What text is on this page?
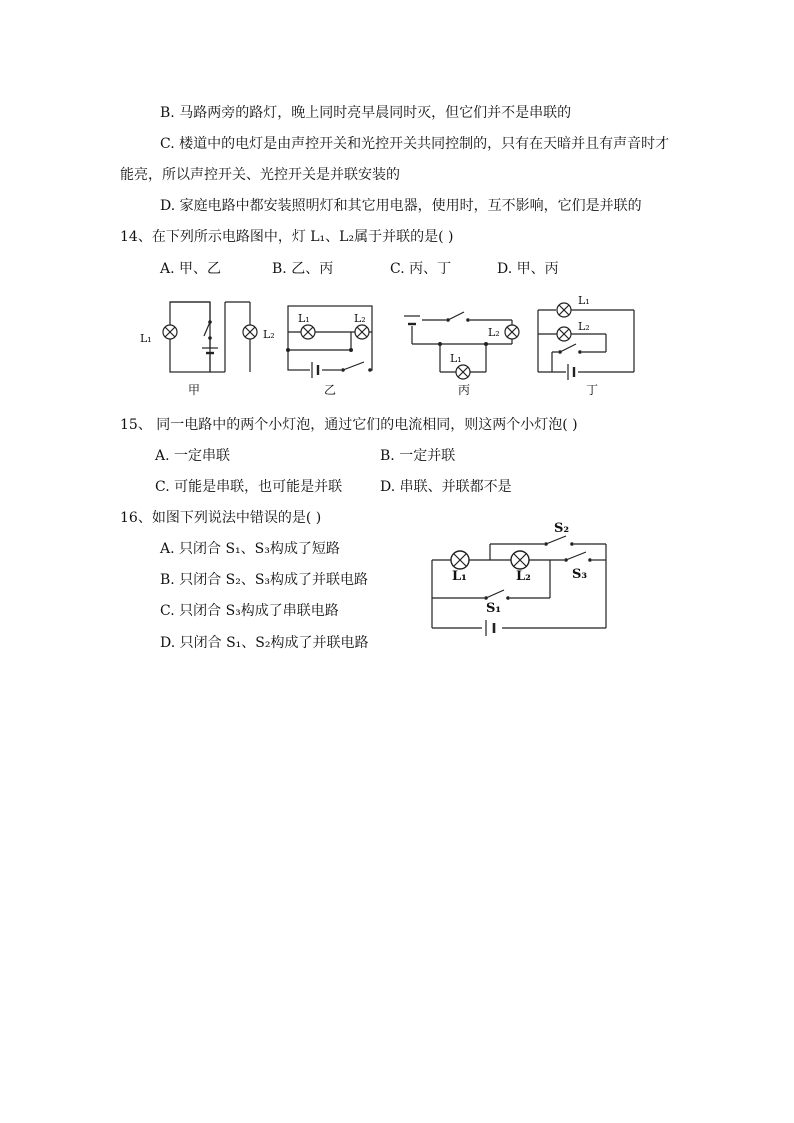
B. 马路两旁的路灯，晚上同时亮早晨同时灭，但它们并不是串联的
C. 楼道中的电灯是由声控开关和光控开关共同控制的，只有在天暗并且有声音时才
能亮，所以声控开关、光控开关是并联安装的
D. 家庭电路中都安装照明灯和其它用电器，使用时，互不影响，它们是并联的
14、在下列所示电路图中，灯 L₁、L₂属于并联的是( )
A. 甲、乙	B. 乙、丙	C. 丙、丁	D. 甲、丙
L₁	L₂
甲
L₁	L₂
乙
L₂
L₁
丙
L₁
L₂
丁
15、 同一电路中的两个小灯泡，通过它们的电流相同，则这两个小灯泡( )
A. 一定串联	B. 一定并联
C. 可能是串联，也可能是并联	D. 串联、并联都不是
16、如图下列说法中错误的是( )
A. 只闭合 S₁、S₃构成了短路
B. 只闭合 S₂、S₃构成了并联电路
C. 只闭合 S₃构成了串联电路
D. 只闭合 S₁、S₂构成了并联电路
L₁	L₂
S₂
S₃
S₁
